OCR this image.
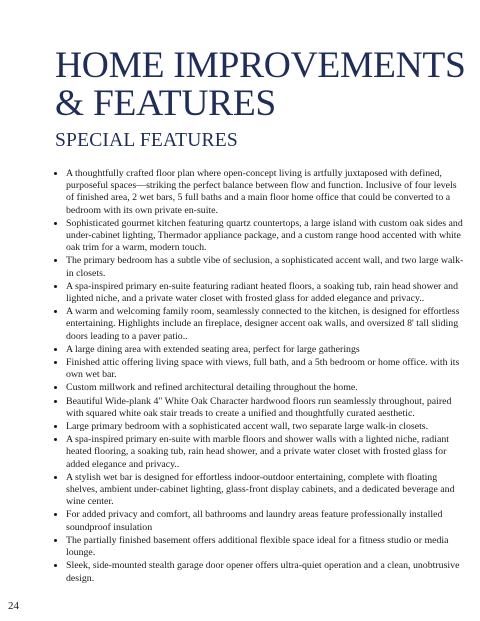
HOME IMPROVEMENTS
& FEATURES
SPECIAL FEATURES
• A thoughtfully crafted floor plan where open-concept living is artfully juxtaposed with defined, purposeful spaces—striking the perfect balance between flow and function. Inclusive of four levels of finished area, 2 wet bars, 5 full baths and a main floor home office that could be converted to a bedroom with its own private en-suite.
• Sophisticated gourmet kitchen featuring quartz countertops, a large island with custom oak sides and under-cabinet lighting, Thermador appliance package, and a custom range hood accented with white oak trim for a warm, modern touch.
• The primary bedroom has a subtle vibe of seclusion, a sophisticated accent wall, and two large walk-in closets.
• A spa-inspired primary en-suite featuring radiant heated floors, a soaking tub, rain head shower and lighted niche, and a private water closet with frosted glass for added elegance and privacy..
• A warm and welcoming family room, seamlessly connected to the kitchen, is designed for effortless entertaining. Highlights include an fireplace, designer accent oak walls, and oversized 8' tall sliding doors leading to a paver patio..
• A large dining area with extended seating area, perfect for large gatherings
• Finished attic offering living space with views, full bath, and a 5th bedroom or home office. with its own wet bar.
• Custom millwork and refined architectural detailing throughout the home.
• Beautiful Wide-plank 4" White Oak Character hardwood floors run seamlessly throughout, paired with squared white oak stair treads to create a unified and thoughtfully curated aesthetic.
• Large primary bedroom with a sophisticated accent wall, two separate large walk-in closets.
• A spa-inspired primary en-suite with marble floors and shower walls with a lighted niche, radiant heated flooring, a soaking tub, rain head shower, and a private water closet with frosted glass for added elegance and privacy..
• A stylish wet bar is designed for effortless indoor-outdoor entertaining, complete with floating shelves, ambient under-cabinet lighting, glass-front display cabinets, and a dedicated beverage and wine center.
• For added privacy and comfort, all bathrooms and laundry areas feature professionally installed soundproof insulation
• The partially finished basement offers additional flexible space ideal for a fitness studio or media lounge.
• Sleek, side-mounted stealth garage door opener offers ultra-quiet operation and a clean, unobtrusive design.
24
